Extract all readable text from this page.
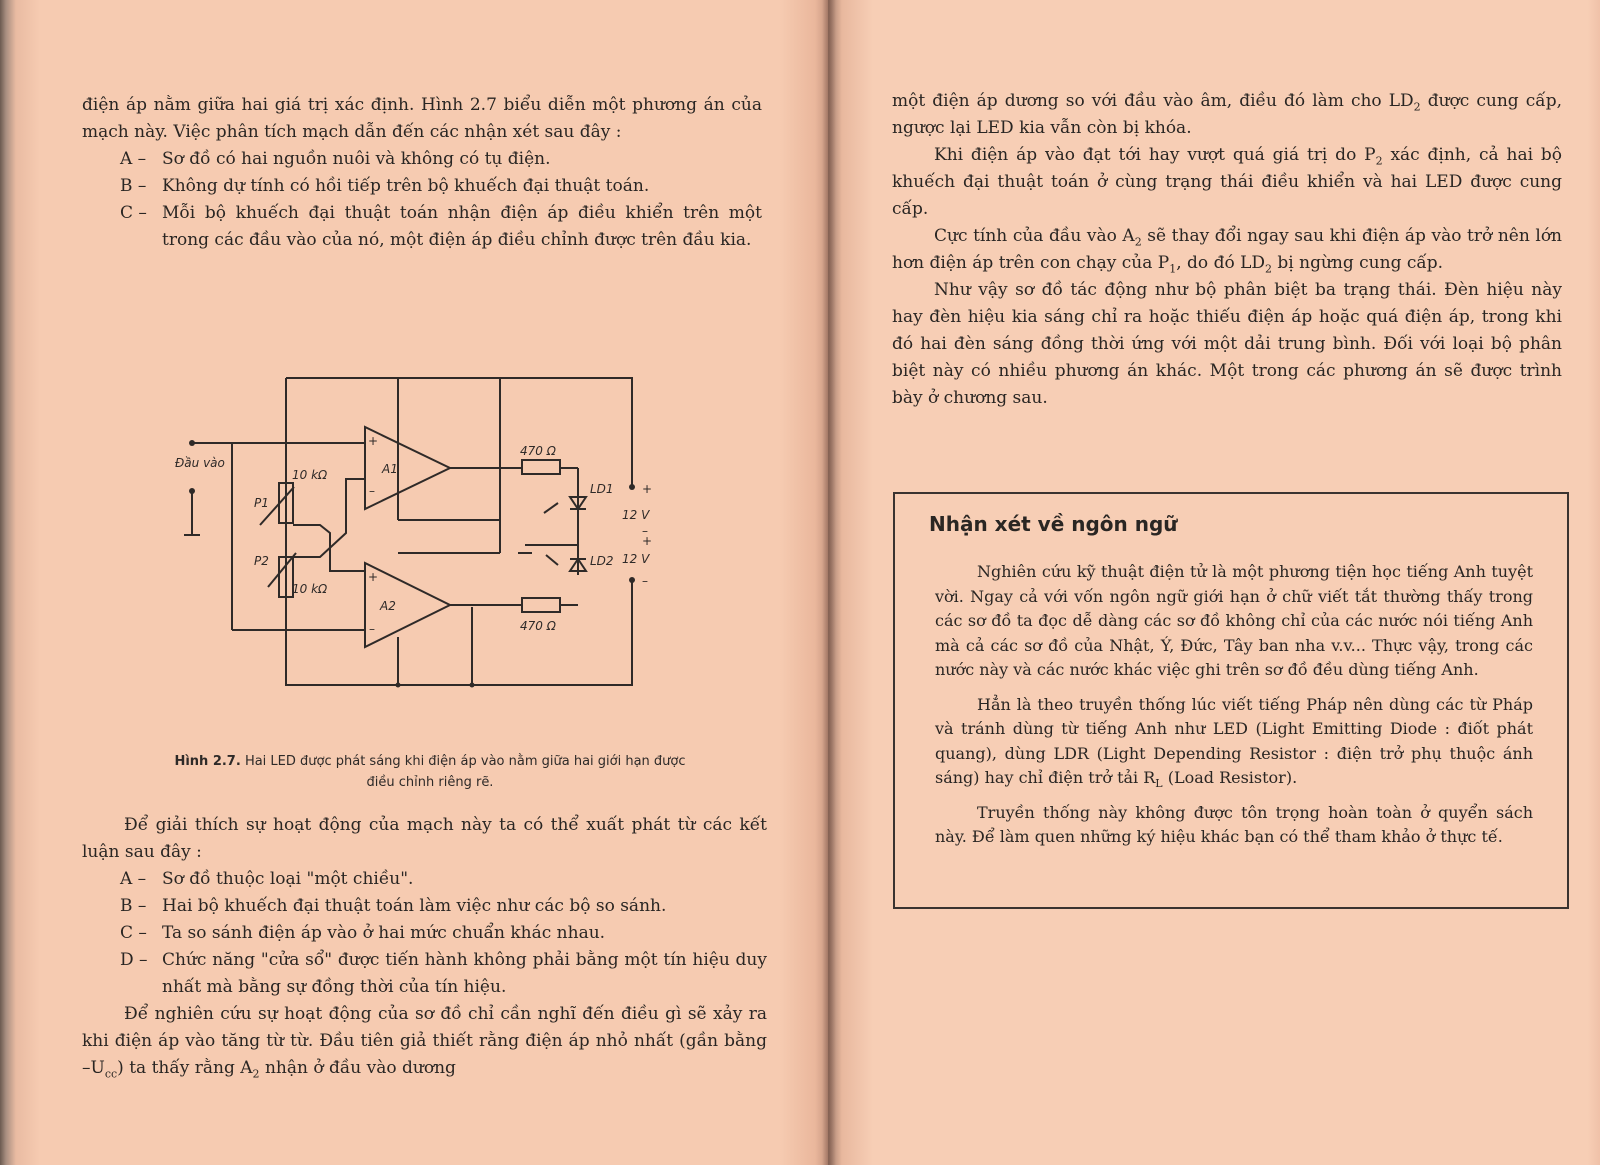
điện áp nằm giữa hai giá trị xác định. Hình 2.7 biểu diễn một phương án của mạch này. Việc phân tích mạch dẫn đến các nhận xét sau đây :

A – Sơ đồ có hai nguồn nuôi và không có tụ điện.

B – Không dự tính có hồi tiếp trên bộ khuếch đại thuật toán.

C – Mỗi bộ khuếch đại thuật toán nhận điện áp điều khiển trên một trong các đầu vào của nó, một điện áp điều chỉnh được trên đầu kia.

Đầu vào
10 kΩ
10 kΩ
P1
P2
A1
A2
470 Ω
470 Ω
LD1
LD2
12 V
12 V
+
–
+
–
+
–
+
–
Hình 2.7. Hai LED được phát sáng khi điện áp vào nằm giữa hai giới hạn được điều chỉnh riêng rẽ.

Để giải thích sự hoạt động của mạch này ta có thể xuất phát từ các kết luận sau đây :

A – Sơ đồ thuộc loại "một chiều".

B – Hai bộ khuếch đại thuật toán làm việc như các bộ so sánh.

C – Ta so sánh điện áp vào ở hai mức chuẩn khác nhau.

D – Chức năng "cửa sổ" được tiến hành không phải bằng một tín hiệu duy nhất mà bằng sự đồng thời của tín hiệu.

Để nghiên cứu sự hoạt động của sơ đồ chỉ cần nghĩ đến điều gì sẽ xảy ra khi điện áp vào tăng từ từ. Đầu tiên giả thiết rằng điện áp nhỏ nhất (gần bằng $-U_{cc}$) ta thấy rằng $A_2$ nhận ở đầu vào dương

một điện áp dương so với đầu vào âm, điều đó làm cho $LD_2$ được cung cấp, ngược lại LED kia vẫn còn bị khóa.

Khi điện áp vào đạt tới hay vượt quá giá trị do $P_2$ xác định, cả hai bộ khuếch đại thuật toán ở cùng trạng thái điều khiển và hai LED được cung cấp.

Cực tính của đầu vào $A_2$ sẽ thay đổi ngay sau khi điện áp vào trở nên lớn hơn điện áp trên con chạy của $P_1$, do đó $LD_2$ bị ngừng cung cấp.

Như vậy sơ đồ tác động như bộ phân biệt ba trạng thái. Đèn hiệu này hay đèn hiệu kia sáng chỉ ra hoặc thiếu điện áp hoặc quá điện áp, trong khi đó hai đèn sáng đồng thời ứng với một dải trung bình. Đối với loại bộ phân biệt này có nhiều phương án khác. Một trong các phương án sẽ được trình bày ở chương sau.

Nhận xét về ngôn ngữ

Nghiên cứu kỹ thuật điện tử là một phương tiện học tiếng Anh tuyệt vời. Ngay cả với vốn ngôn ngữ giới hạn ở chữ viết tắt thường thấy trong các sơ đồ ta đọc dễ dàng các sơ đồ không chỉ của các nước nói tiếng Anh mà cả các sơ đồ của Nhật, Ý, Đức, Tây ban nha v.v... Thực vậy, trong các nước này và các nước khác việc ghi trên sơ đồ đều dùng tiếng Anh.

Hẳn là theo truyền thống lúc viết tiếng Pháp nên dùng các từ Pháp và tránh dùng từ tiếng Anh như LED (Light Emitting Diode : điốt phát quang), dùng LDR (Light Depending Resistor : điện trở phụ thuộc ánh sáng) hay chỉ điện trở tải $R_L$ (Load Resistor).

Truyền thống này không được tôn trọng hoàn toàn ở quyển sách này. Để làm quen những ký hiệu khác bạn có thể tham khảo ở thực tế.
